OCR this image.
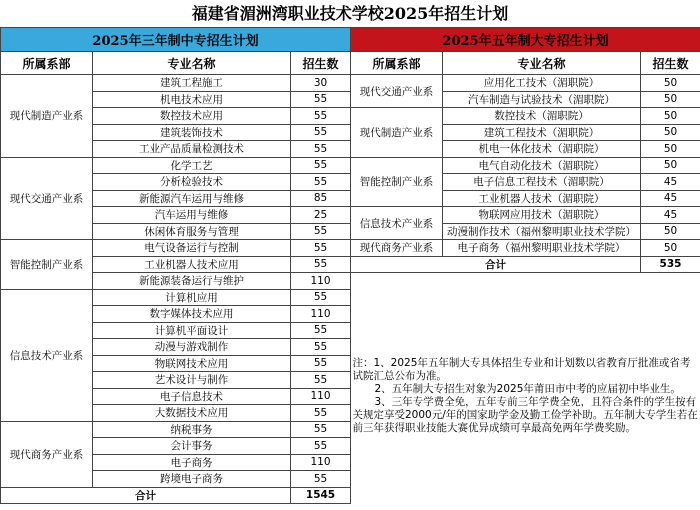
福建省湄洲湾职业技术学校2025年招生计划
2025年三年制中专招生计划		
所属系部	专业名称	招生数
现代制造产业系	建筑工程施工	30
	机电技术应用	55
	数控技术应用	55
	建筑装饰技术	55
	工业产品质量检测技术	55
现代交通产业系	化学工艺	55
	分析检验技术	55
	新能源汽车运用与维修	85
	汽车运用与维修	25
	休闲体育服务与管理	55
智能控制产业系	电气设备运行与控制	55
	工业机器人技术应用	55
	新能源装备运行与维护	110
信息技术产业系	计算机应用	55
	数字媒体技术应用	110
	计算机平面设计	55
	动漫与游戏制作	55
	物联网技术应用	55
	艺术设计与制作	55
	电子信息技术	110
	大数据技术应用	55
现代商务产业系	纳税事务	55
	会计事务	55
	电子商务	110
	跨境电子商务	55
合计		1545
2025年五年制大专招生计划		
所属系部	专业名称	招生数
现代交通产业系	应用化工技术（湄职院）	50
	汽车制造与试验技术（湄职院）	50
现代制造产业系	数控技术（湄职院）	50
	建筑工程技术（湄职院）	50
	机电一体化技术（湄职院）	50
智能控制产业系	电气自动化技术（湄职院）	50
	电子信息工程技术（湄职院）	45
	工业机器人技术（湄职院）	45
信息技术产业系	物联网应用技术（湄职院）	45
	动漫制作技术（福州黎明职业技术学院）	50
现代商务产业系	电子商务（福州黎明职业技术学院）	50
合计		535

注：1、2025年五年制大专具体招生专业和计划数以省教育厅批准或省考试院汇总公布为准。

2、五年制大专招生对象为2025年莆田市中考的应届初中毕业生。

3、三年专学费全免，五年专前三年学费全免，且符合条件的学生按有关规定享受2000元/年的国家助学金及勤工俭学补助。五年制大专学生若在前三年获得职业技能大赛优异成绩可享最高免两年学费奖励。		
